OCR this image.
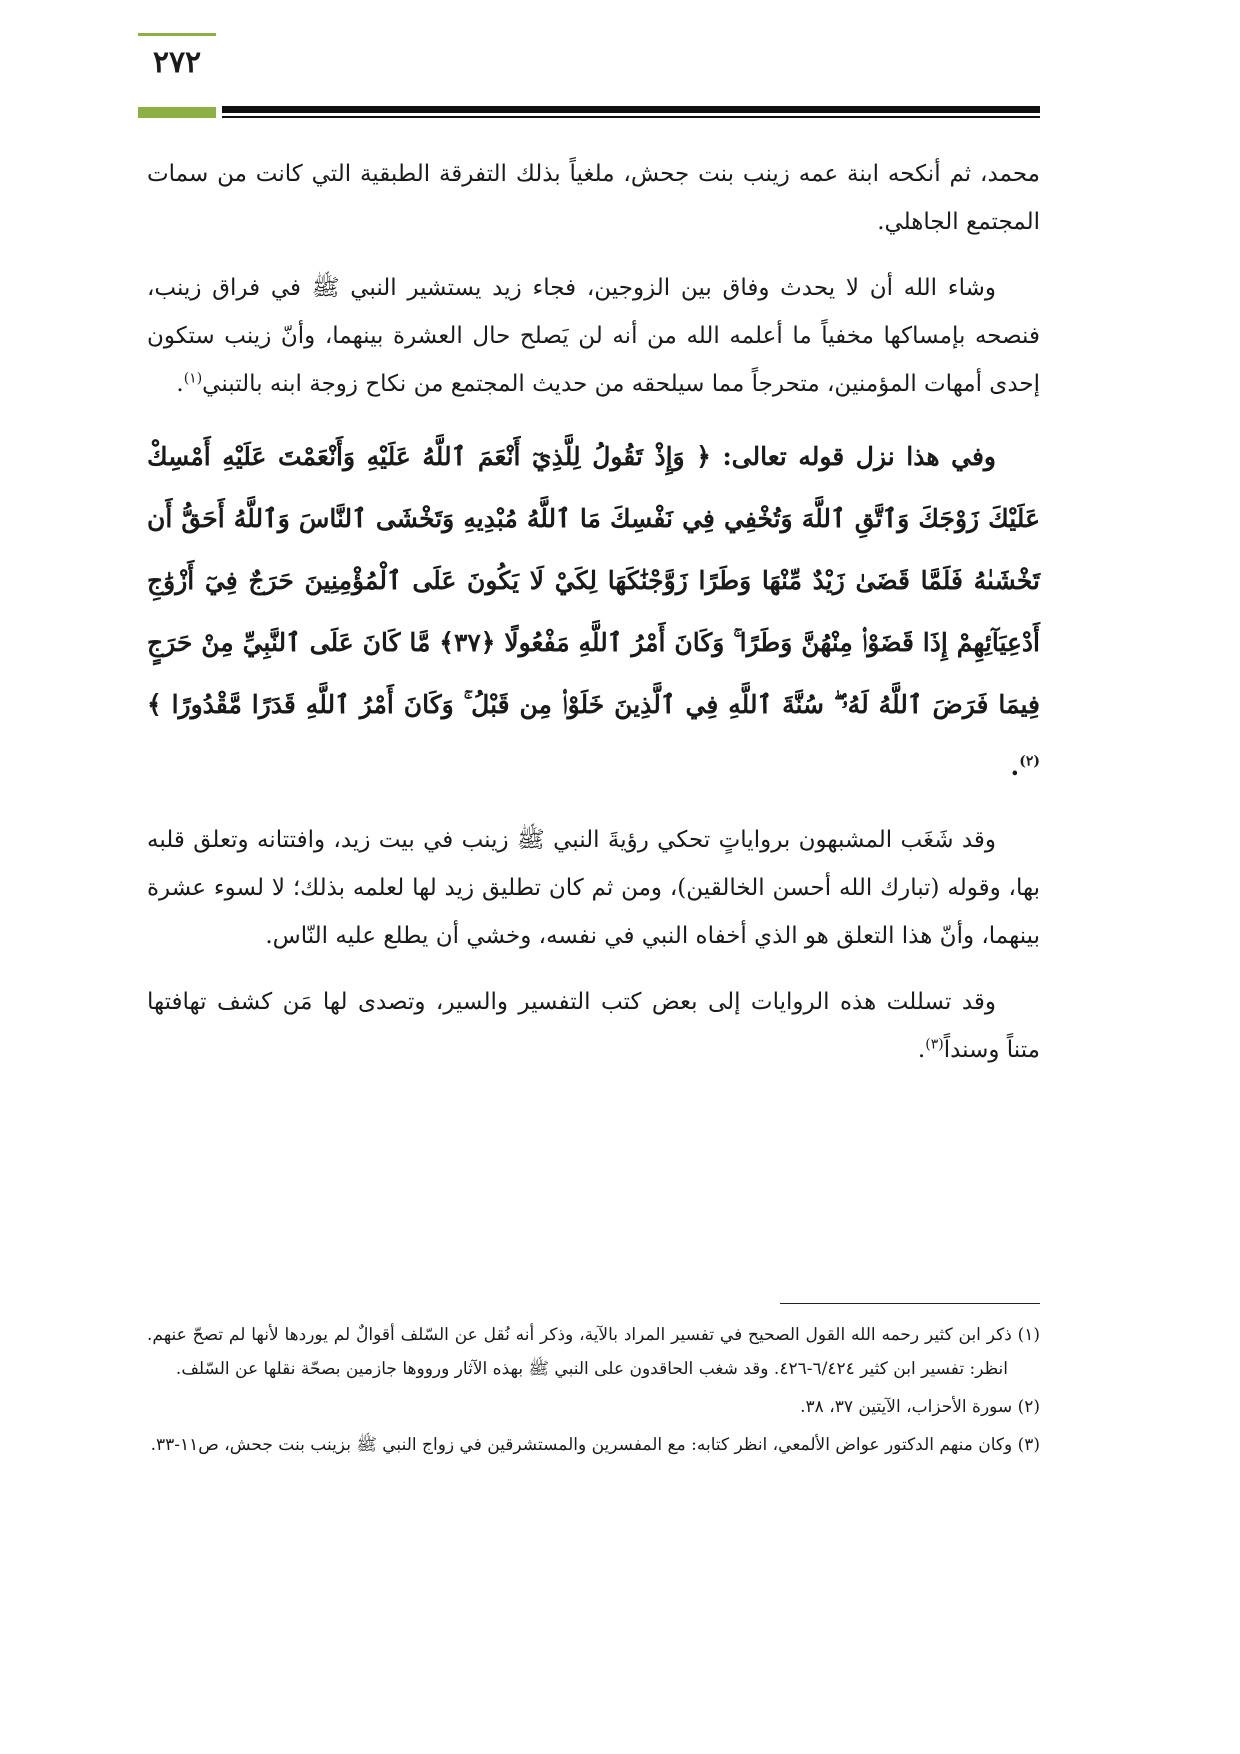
٢٧٢

محمد، ثم أنكحه ابنة عمه زينب بنت جحش، ملغياً بذلك التفرقة الطبقية التي كانت من سمات المجتمع الجاهلي.

وشاء الله أن لا يحدث وفاق بين الزوجين، فجاء زيد يستشير النبي ﷺ في فراق زينب، فنصحه بإمساكها مخفياً ما أعلمه الله من أنه لن يَصلح حال العشرة بينهما، وأنّ زينب ستكون إحدى أمهات المؤمنين، متحرجاً مما سيلحقه من حديث المجتمع من نكاح زوجة ابنه بالتبني$^{(١)}$.

وفي هذا نزل قوله تعالى: ﴿ وَإِذْ تَقُولُ لِلَّذِيٓ أَنْعَمَ ٱللَّهُ عَلَيْهِ وَأَنْعَمْتَ عَلَيْهِ أَمْسِكْ عَلَيْكَ زَوْجَكَ وَٱتَّقِ ٱللَّهَ وَتُخْفِي فِي نَفْسِكَ مَا ٱللَّهُ مُبْدِيهِ وَتَخْشَى ٱلنَّاسَ وَٱللَّهُ أَحَقُّ أَن تَخْشَىٰهُ فَلَمَّا قَضَىٰ زَيْدٌ مِّنْهَا وَطَرًا زَوَّجْنَٰكَهَا لِكَيْ لَا يَكُونَ عَلَى ٱلْمُؤْمِنِينَ حَرَجٌ فِيٓ أَزْوَٰجِ أَدْعِيَآئِهِمْ إِذَا قَضَوْا۟ مِنْهُنَّ وَطَرًا ۚ وَكَانَ أَمْرُ ٱللَّهِ مَفْعُولًا ﴿٣٧﴾ مَّا كَانَ عَلَى ٱلنَّبِيِّ مِنْ حَرَجٍ فِيمَا فَرَضَ ٱللَّهُ لَهُۥ ۖ سُنَّةَ ٱللَّهِ فِي ٱلَّذِينَ خَلَوْا۟ مِن قَبْلُ ۚ وَكَانَ أَمْرُ ٱللَّهِ قَدَرًا مَّقْدُورًا ﴾$^{(٢)}$.

وقد شَغَب المشبهون برواياتٍ تحكي رؤيةَ النبي ﷺ زينب في بيت زيد، وافتتانه وتعلق قلبه بها، وقوله (تبارك الله أحسن الخالقين)، ومن ثم كان تطليق زيد لها لعلمه بذلك؛ لا لسوء عشرة بينهما، وأنّ هذا التعلق هو الذي أخفاه النبي في نفسه، وخشي أن يطلع عليه النّاس.

وقد تسللت هذه الروايات إلى بعض كتب التفسير والسير، وتصدى لها مَن كشف تهافتها متناً وسنداً$^{(٣)}$.

(١) ذكر ابن كثير رحمه الله القول الصحيح في تفسير المراد بالآية، وذكر أنه نُقل عن السّلف أقوالٌ لم يوردها لأنها لم تصحّ عنهم. انظر: تفسير ابن كثير ٦/٤٢٤-٤٢٦. وقد شغب الحاقدون على النبي ﷺ بهذه الآثار ورووها جازمين بصحّة نقلها عن السّلف.

(٢) سورة الأحزاب، الآيتين ٣٧، ٣٨.

(٣) وكان منهم الدكتور عواض الألمعي، انظر كتابه: مع المفسرين والمستشرقين في زواج النبي ﷺ بزينب بنت جحش، ص١١-٣٣.
